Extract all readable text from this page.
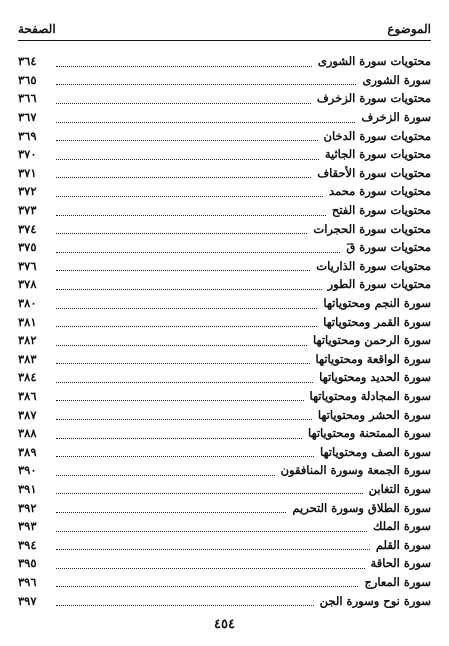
الموضوع
الصفحة
محتويات سورة الشورى
٣٦٤
سورة الشورى
٣٦٥
محتويات سورة الزخرف
٣٦٦
سورة الزخرف
٣٦٧
محتويات سورة الدخان
٣٦٩
محتويات سورة الجاثية
٣٧٠
محتويات سورة الأحقاف
٣٧١
محتويات سورة محمد
٣٧٢
محتويات سورة الفتح
٣٧٣
محتويات سورة الحجرات
٣٧٤
محتويات سورة قٓ
٣٧٥
محتويات سورة الذاريات
٣٧٦
محتويات سورة الطور
٣٧٨
سورة النجم ومحتوياتها
٣٨٠
سورة القمر ومحتوياتها
٣٨١
سورة الرحمن ومحتوياتها
٣٨٢
سورة الواقعة ومحتوياتها
٣٨٣
سورة الحديد ومحتوياتها
٣٨٤
سورة المجادلة ومحتوياتها
٣٨٦
سورة الحشر ومحتوياتها
٣٨٧
سورة الممتحنة ومحتوياتها
٣٨٨
سورة الصف ومحتوياتها
٣٨٩
سورة الجمعة وسورة المنافقون
٣٩٠
سورة التغابن
٣٩١
سورة الطلاق وسورة التحريم
٣٩٢
سورة الملك
٣٩٣
سورة القلم
٣٩٤
سورة الحاقة
٣٩٥
سورة المعارج
٣٩٦
سورة نوح وسورة الجن
٣٩٧
٤٥٤
